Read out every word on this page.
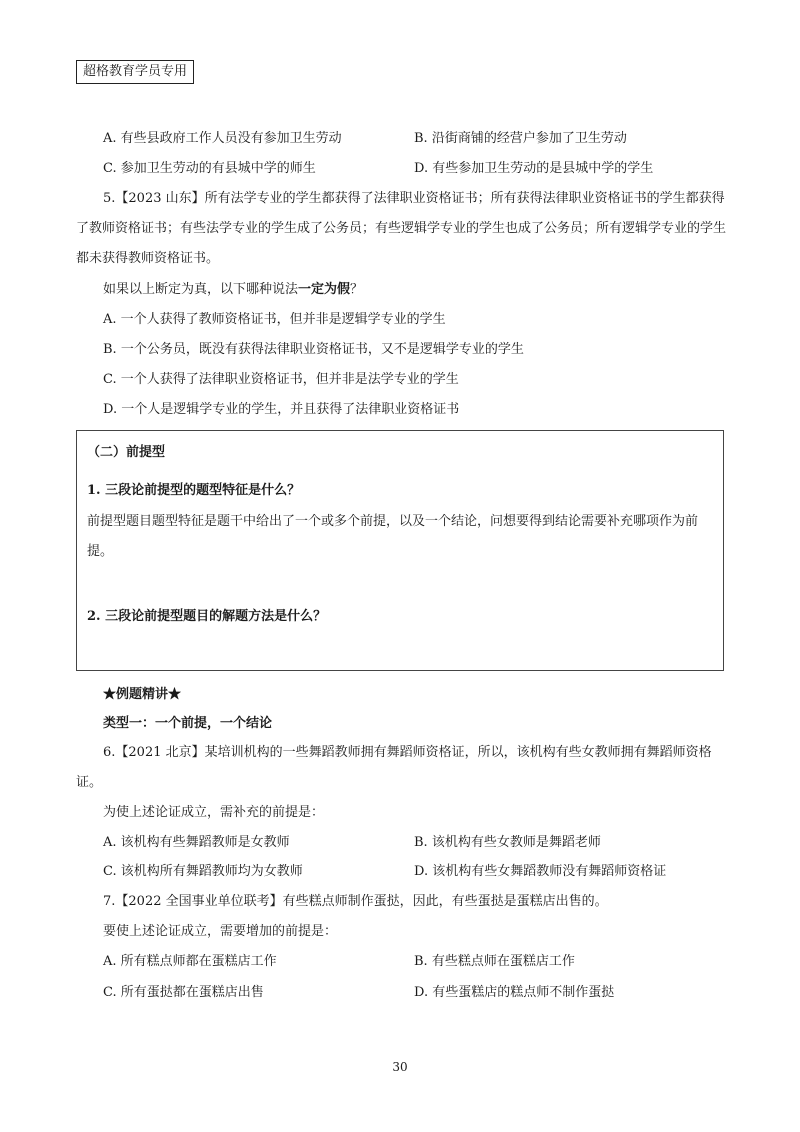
超格教育学员专用
A. 有些县政府工作人员没有参加卫生劳动	B. 沿街商铺的经营户参加了卫生劳动
C. 参加卫生劳动的有县城中学的师生	D. 有些参加卫生劳动的是县城中学的学生
5.【2023 山东】所有法学专业的学生都获得了法律职业资格证书；所有获得法律职业资格证书的学生都获得了教师资格证书；有些法学专业的学生成了公务员；有些逻辑学专业的学生也成了公务员；所有逻辑学专业的学生都未获得教师资格证书。
如果以上断定为真，以下哪种说法一定为假？
A. 一个人获得了教师资格证书，但并非是逻辑学专业的学生
B. 一个公务员，既没有获得法律职业资格证书，又不是逻辑学专业的学生
C. 一个人获得了法律职业资格证书，但并非是法学专业的学生
D. 一个人是逻辑学专业的学生，并且获得了法律职业资格证书
（二）前提型
1. 三段论前提型的题型特征是什么？
前提型题目题型特征是题干中给出了一个或多个前提，以及一个结论，问想要得到结论需要补充哪项作为前提。
2. 三段论前提型题目的解题方法是什么？
★例题精讲★
类型一：一个前提，一个结论
6.【2021 北京】某培训机构的一些舞蹈教师拥有舞蹈师资格证，所以，该机构有些女教师拥有舞蹈师资格证。
为使上述论证成立，需补充的前提是：
A. 该机构有些舞蹈教师是女教师	B. 该机构有些女教师是舞蹈老师
C. 该机构所有舞蹈教师均为女教师	D. 该机构有些女舞蹈教师没有舞蹈师资格证
7.【2022 全国事业单位联考】有些糕点师制作蛋挞，因此，有些蛋挞是蛋糕店出售的。
要使上述论证成立，需要增加的前提是：
A. 所有糕点师都在蛋糕店工作	B. 有些糕点师在蛋糕店工作
C. 所有蛋挞都在蛋糕店出售	D. 有些蛋糕店的糕点师不制作蛋挞
30
